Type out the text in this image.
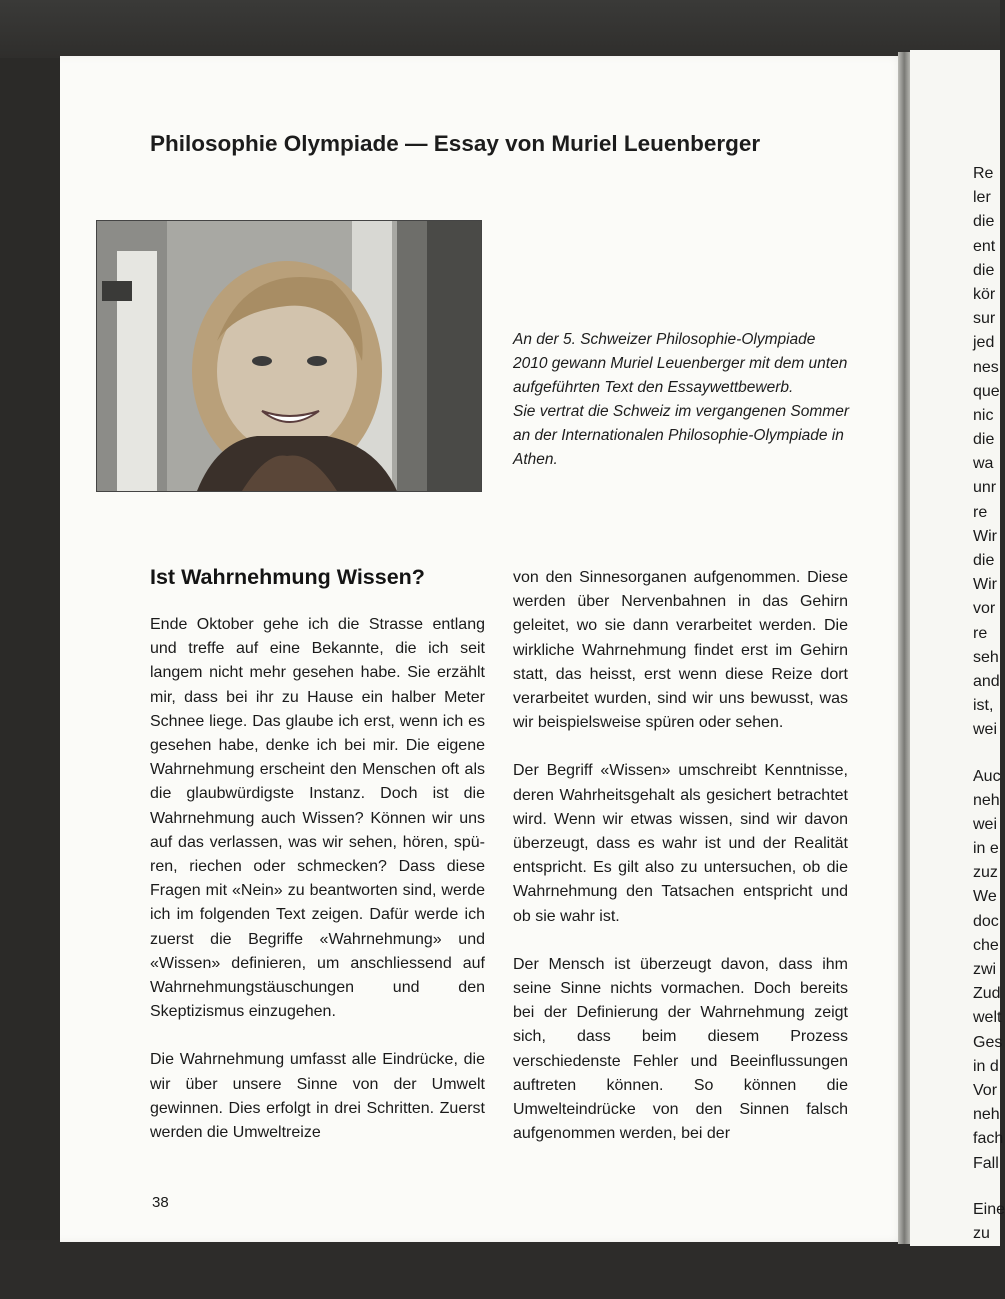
Re
ler
die
ent
die
kör
sur
jed
nes
que
nic
die
wa
unr
re
Wir
die
Wir
vor
re
seh
and
ist,
wei
Auc
neh
wei
in e
zuz
We
doc
che
zwi
Zud
welt
Ges
in d
Vor
neh
fach
Fall
Eine
zu
Philosophie Olympiade — Essay von Muriel Leuenberger

An der 5. Schweizer Philosophie-Olympiade 2010 gewann Muriel Leuenberger mit dem unten aufgeführten Text den Essaywettbewerb.

Sie vertrat die Schweiz im vergangenen Sommer an der Internationalen Philosophie-Olympiade in Athen.

Ist Wahrnehmung Wissen?

Ende Oktober gehe ich die Strasse entlang und treffe auf eine Bekannte, die ich seit langem nicht mehr gesehen habe. Sie erzählt mir, dass bei ihr zu Hause ein halber Meter Schnee liege. Das glaube ich erst, wenn ich es gesehen habe, denke ich bei mir. Die eigene Wahrnehmung erscheint den Menschen oft als die glaubwürdigste Instanz. Doch ist die Wahrnehmung auch Wissen? Können wir uns auf das verlassen, was wir sehen, hören, spüren, riechen oder schmecken? Dass diese Fragen mit «Nein» zu beantworten sind, werde ich im folgenden Text zeigen. Dafür werde ich zuerst die Begriffe «Wahrnehmung» und «Wissen» definieren, um anschliessend auf Wahrnehmungstäuschungen und den Skeptizismus einzugehen.

Die Wahrnehmung umfasst alle Eindrücke, die wir über unsere Sinne von der Umwelt gewinnen. Dies erfolgt in drei Schritten. Zuerst werden die Umweltreize

von den Sinnesorganen aufgenommen. Diese werden über Nervenbahnen in das Gehirn geleitet, wo sie dann verarbeitet werden. Die wirkliche Wahrnehmung findet erst im Gehirn statt, das heisst, erst wenn diese Reize dort verarbeitet wurden, sind wir uns bewusst, was wir beispielsweise spüren oder sehen.

Der Begriff «Wissen» umschreibt Kenntnisse, deren Wahrheitsgehalt als gesichert betrachtet wird. Wenn wir etwas wissen, sind wir davon überzeugt, dass es wahr ist und der Realität entspricht. Es gilt also zu untersuchen, ob die Wahrnehmung den Tatsachen entspricht und ob sie wahr ist.

Der Mensch ist überzeugt davon, dass ihm seine Sinne nichts vormachen. Doch bereits bei der Definierung der Wahrnehmung zeigt sich, dass beim diesem Prozess verschiedenste Fehler und Beeinflussungen auftreten können. So können die Umwelteindrücke von den Sinnen falsch aufgenommen werden, bei der

38
